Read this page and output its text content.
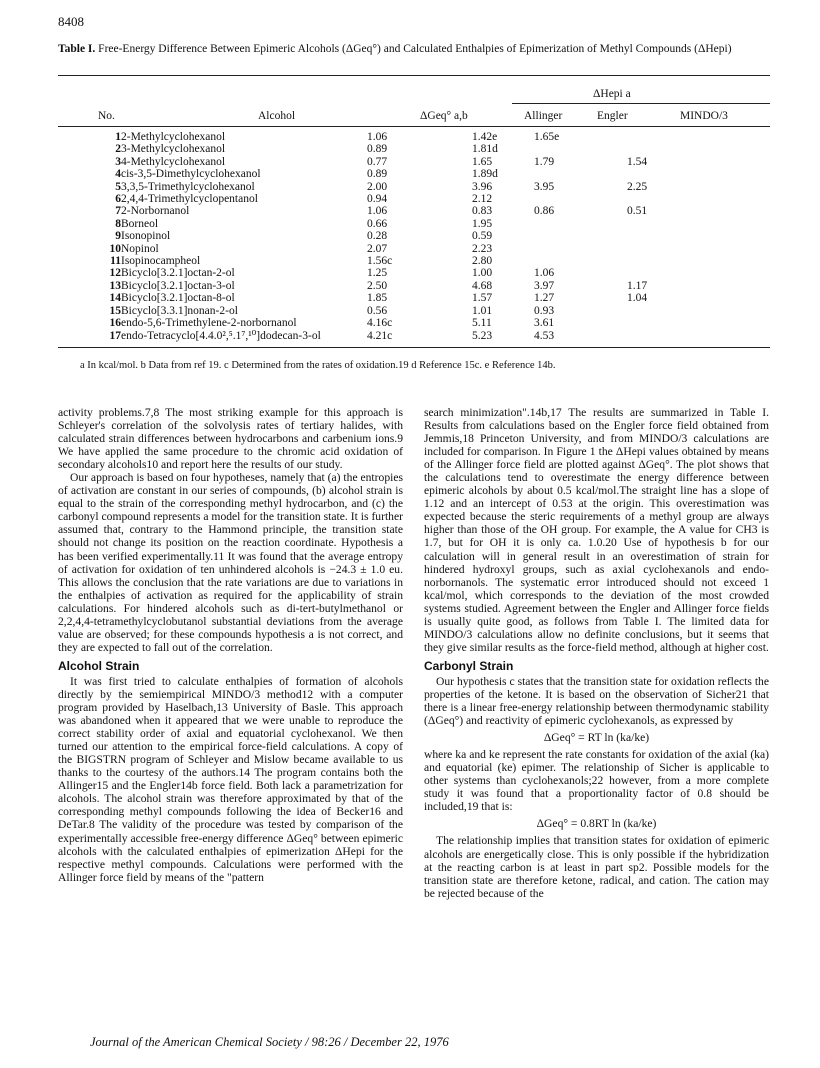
8408
Table I. Free-Energy Difference Between Epimeric Alcohols (ΔGeq°) and Calculated Enthalpies of Epimerization of Methyl Compounds (ΔHepi)
ΔHepi a
No.	Alcohol	ΔGeq° a,b	Allinger	Engler	MINDO/3
1	2-Methylcyclohexanol	1.06	1.42e	1.65e	
2	3-Methylcyclohexanol	0.89	1.81d		
3	4-Methylcyclohexanol	0.77	1.65	1.79	1.54
4	cis-3,5-Dimethylcyclohexanol	0.89	1.89d		
5	3,3,5-Trimethylcyclohexanol	2.00	3.96	3.95	2.25
6	2,4,4-Trimethylcyclopentanol	0.94	2.12		
7	2-Norbornanol	1.06	0.83	0.86	0.51
8	Borneol	0.66	1.95		
9	Isonopinol	0.28	0.59		
10	Nopinol	2.07	2.23		
11	Isopinocampheol	1.56c	2.80		
12	Bicyclo[3.2.1]octan-2-ol	1.25	1.00	1.06	
13	Bicyclo[3.2.1]octan-3-ol	2.50	4.68	3.97	1.17
14	Bicyclo[3.2.1]octan-8-ol	1.85	1.57	1.27	1.04
15	Bicyclo[3.3.1]nonan-2-ol	0.56	1.01	0.93	
16	endo-5,6-Trimethylene-2-norbornanol	4.16c	5.11	3.61	
17	endo-Tetracyclo[4.4.0²,⁵.1⁷,¹⁰]dodecan-3-ol	4.21c	5.23	4.53	
a In kcal/mol. b Data from ref 19. c Determined from the rates of oxidation.19 d Reference 15c. e Reference 14b.

activity problems.7,8 The most striking example for this approach is Schleyer's correlation of the solvolysis rates of tertiary halides, with calculated strain differences between hydrocarbons and carbenium ions.9 We have applied the same procedure to the chromic acid oxidation of secondary alcohols10 and report here the results of our study.

Our approach is based on four hypotheses, namely that (a) the entropies of activation are constant in our series of compounds, (b) alcohol strain is equal to the strain of the corresponding methyl hydrocarbon, and (c) the carbonyl compound represents a model for the transition state. It is further assumed that, contrary to the Hammond principle, the transition state should not change its position on the reaction coordinate. Hypothesis a has been verified experimentally.11 It was found that the average entropy of activation for oxidation of ten unhindered alcohols is −24.3 ± 1.0 eu. This allows the conclusion that the rate variations are due to variations in the enthalpies of activation as required for the applicability of strain calculations. For hindered alcohols such as di-tert-butylmethanol or 2,2,4,4-tetramethylcyclobutanol substantial deviations from the average value are observed; for these compounds hypothesis a is not correct, and they are expected to fall out of the correlation.

Alcohol Strain

It was first tried to calculate enthalpies of formation of alcohols directly by the semiempirical MINDO/3 method12 with a computer program provided by Haselbach,13 University of Basle. This approach was abandoned when it appeared that we were unable to reproduce the correct stability order of axial and equatorial cyclohexanol. We then turned our attention to the empirical force-field calculations. A copy of the BIGSTRN program of Schleyer and Mislow became available to us thanks to the courtesy of the authors.14 The program contains both the Allinger15 and the Engler14b force field. Both lack a parametrization for alcohols. The alcohol strain was therefore approximated by that of the corresponding methyl compounds following the idea of Becker16 and DeTar.8 The validity of the procedure was tested by comparison of the experimentally accessible free-energy difference ΔGeq° between epimeric alcohols with the calculated enthalpies of epimerization ΔHepi for the respective methyl compounds. Calculations were performed with the Allinger force field by means of the "pattern

search minimization".14b,17 The results are summarized in Table I. Results from calculations based on the Engler force field obtained from Jemmis,18 Princeton University, and from MINDO/3 calculations are included for comparison. In Figure 1 the ΔHepi values obtained by means of the Allinger force field are plotted against ΔGeq°. The plot shows that the calculations tend to overestimate the energy difference between epimeric alcohols by about 0.5 kcal/mol.The straight line has a slope of 1.12 and an intercept of 0.53 at the origin. This overestimation was expected because the steric requirements of a methyl group are always higher than those of the OH group. For example, the A value for CH3 is 1.7, but for OH it is only ca. 1.0.20 Use of hypothesis b for our calculation will in general result in an overestimation of strain for hindered hydroxyl groups, such as axial cyclohexanols and endo-norbornanols. The systematic error introduced should not exceed 1 kcal/mol, which corresponds to the deviation of the most crowded systems studied. Agreement between the Engler and Allinger force fields is usually quite good, as follows from Table I. The limited data for MINDO/3 calculations allow no definite conclusions, but it seems that they give similar results as the force-field method, although at higher cost.

Carbonyl Strain

Our hypothesis c states that the transition state for oxidation reflects the properties of the ketone. It is based on the observation of Sicher21 that there is a linear free-energy relationship between thermodynamic stability (ΔGeq°) and reactivity of epimeric cyclohexanols, as expressed by

ΔGeq° = RT ln (ka/ke)

where ka and ke represent the rate constants for oxidation of the axial (ka) and equatorial (ke) epimer. The relationship of Sicher is applicable to other systems than cyclohexanols;22 however, from a more complete study it was found that a proportionality factor of 0.8 should be included,19 that is:

ΔGeq° = 0.8RT ln (ka/ke)

The relationship implies that transition states for oxidation of epimeric alcohols are energetically close. This is only possible if the hybridization at the reacting carbon is at least in part sp2. Possible models for the transition state are therefore ketone, radical, and cation. The cation may be rejected because of the

Journal of the American Chemical Society / 98:26 / December 22, 1976
